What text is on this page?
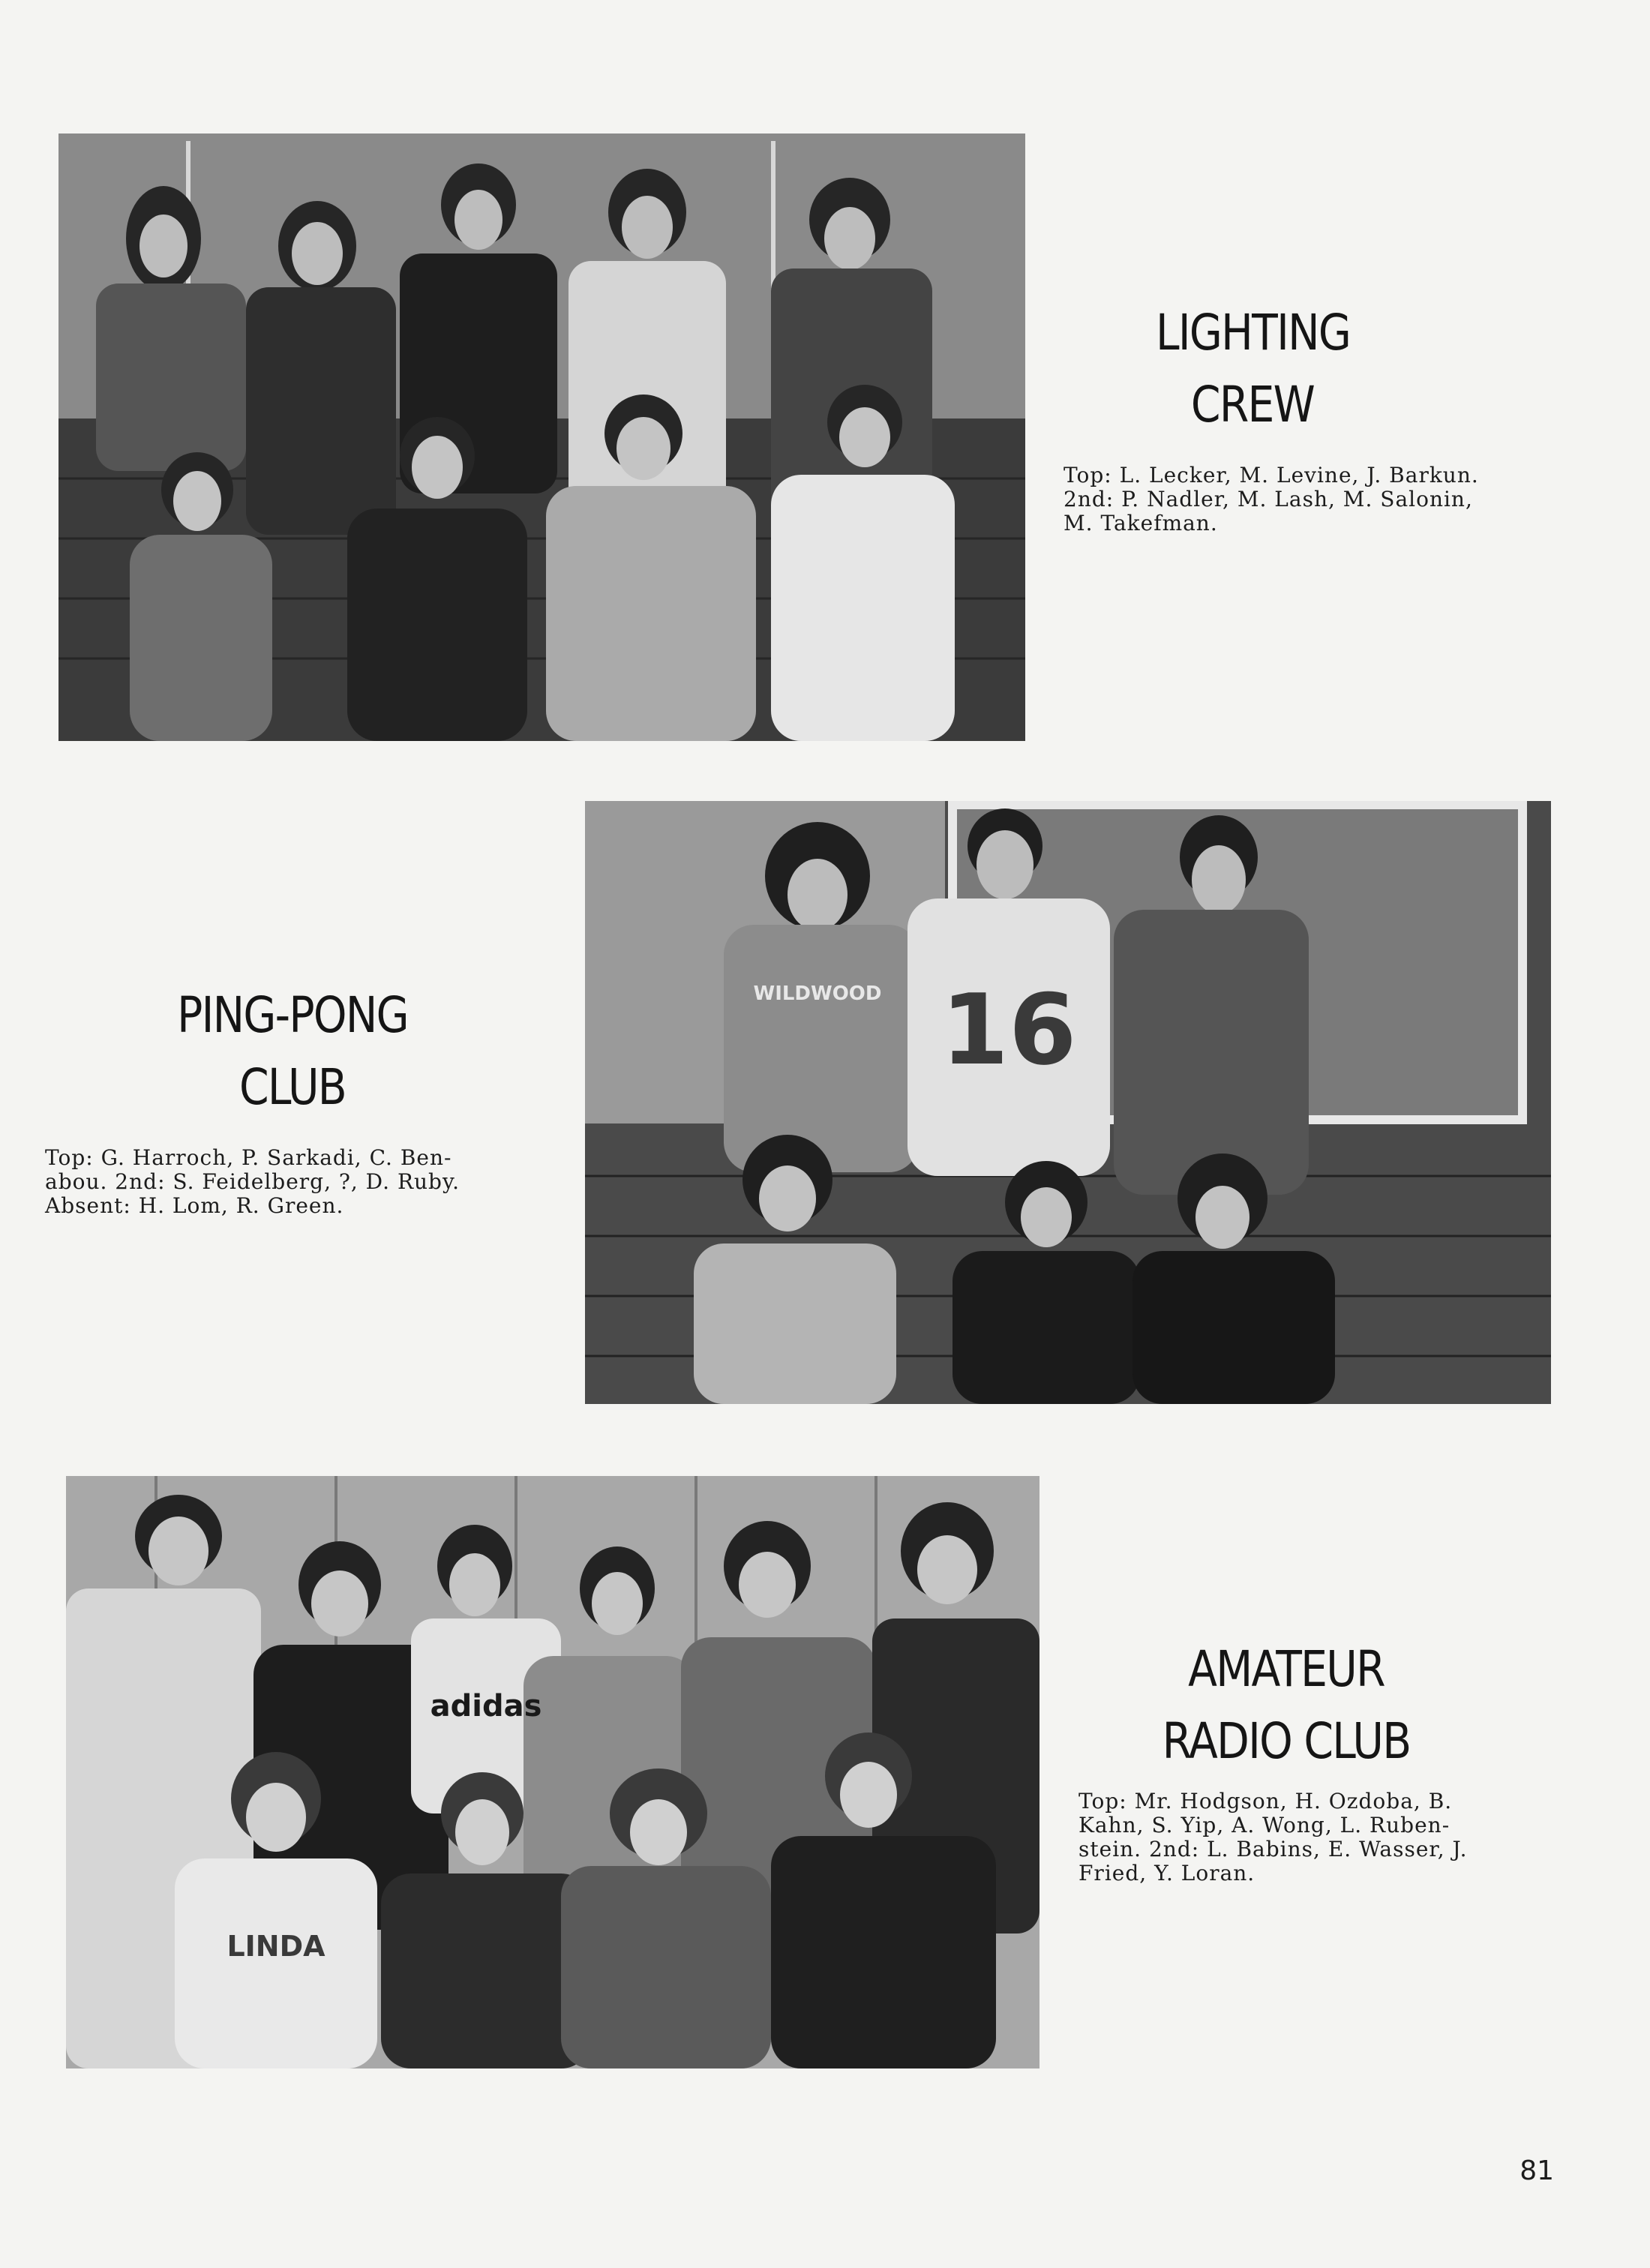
LIGHTING
CREW

Top: L. Lecker, M. Levine, J. Barkun.
2nd: P. Nadler, M. Lash, M. Salonin,
M. Takefman.

16
WILDWOOD
PING-PONG
CLUB

Top: G. Harroch, P. Sarkadi, C. Ben-
abou. 2nd: S. Feidelberg, ?, D. Ruby.
Absent: H. Lom, R. Green.

adidas
LINDA
AMATEUR
RADIO CLUB

Top: Mr. Hodgson, H. Ozdoba, B.
Kahn, S. Yip, A. Wong, L. Ruben-
stein. 2nd: L. Babins, E. Wasser, J.
Fried, Y. Loran.

81
